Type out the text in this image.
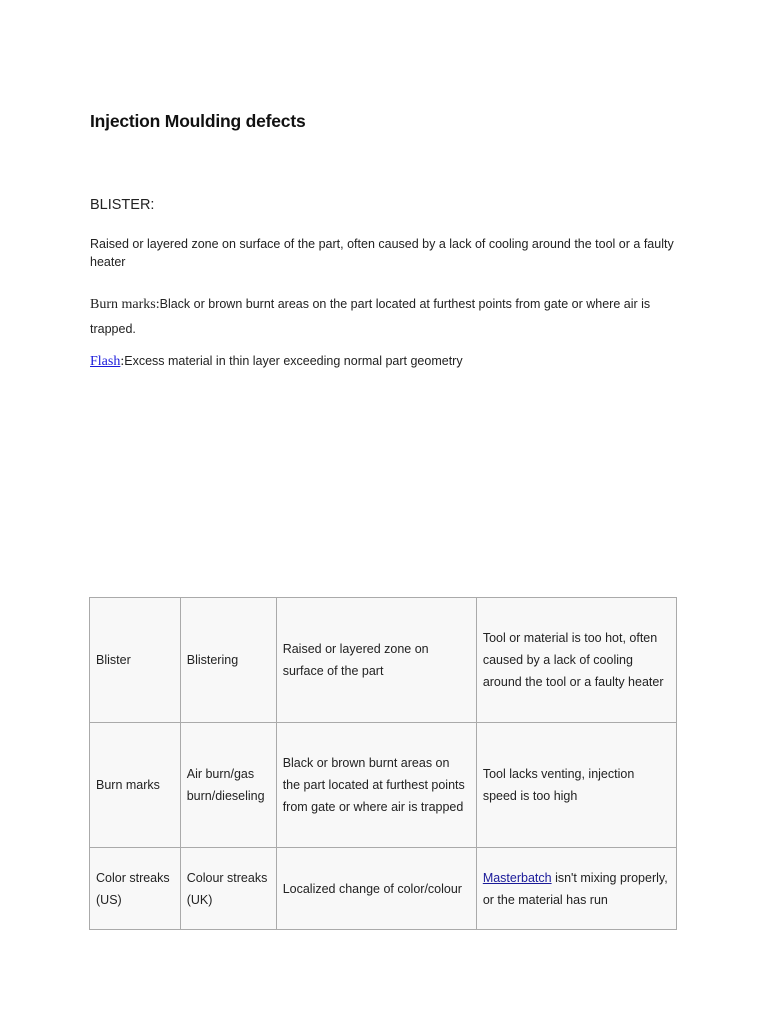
Injection Moulding defects
BLISTER:
Raised or layered zone on surface of the part, often caused by a lack of cooling around the tool or a faulty heater
Burn marks:Black or brown burnt areas on the part located at furthest points from gate or where air is trapped.
Flash:Excess material in thin layer exceeding normal part geometry
Blister	Blistering	Raised or layered zone on surface of the part	Tool or material is too hot, often caused by a lack of cooling around the tool or a faulty heater
Burn marks	Air burn/gas burn/dieseling	Black or brown burnt areas on the part located at furthest points from gate or where air is trapped	Tool lacks venting, injection speed is too high
Color streaks (US)	Colour streaks (UK)	Localized change of color/colour	Masterbatch isn't mixing properly, or the material has run
